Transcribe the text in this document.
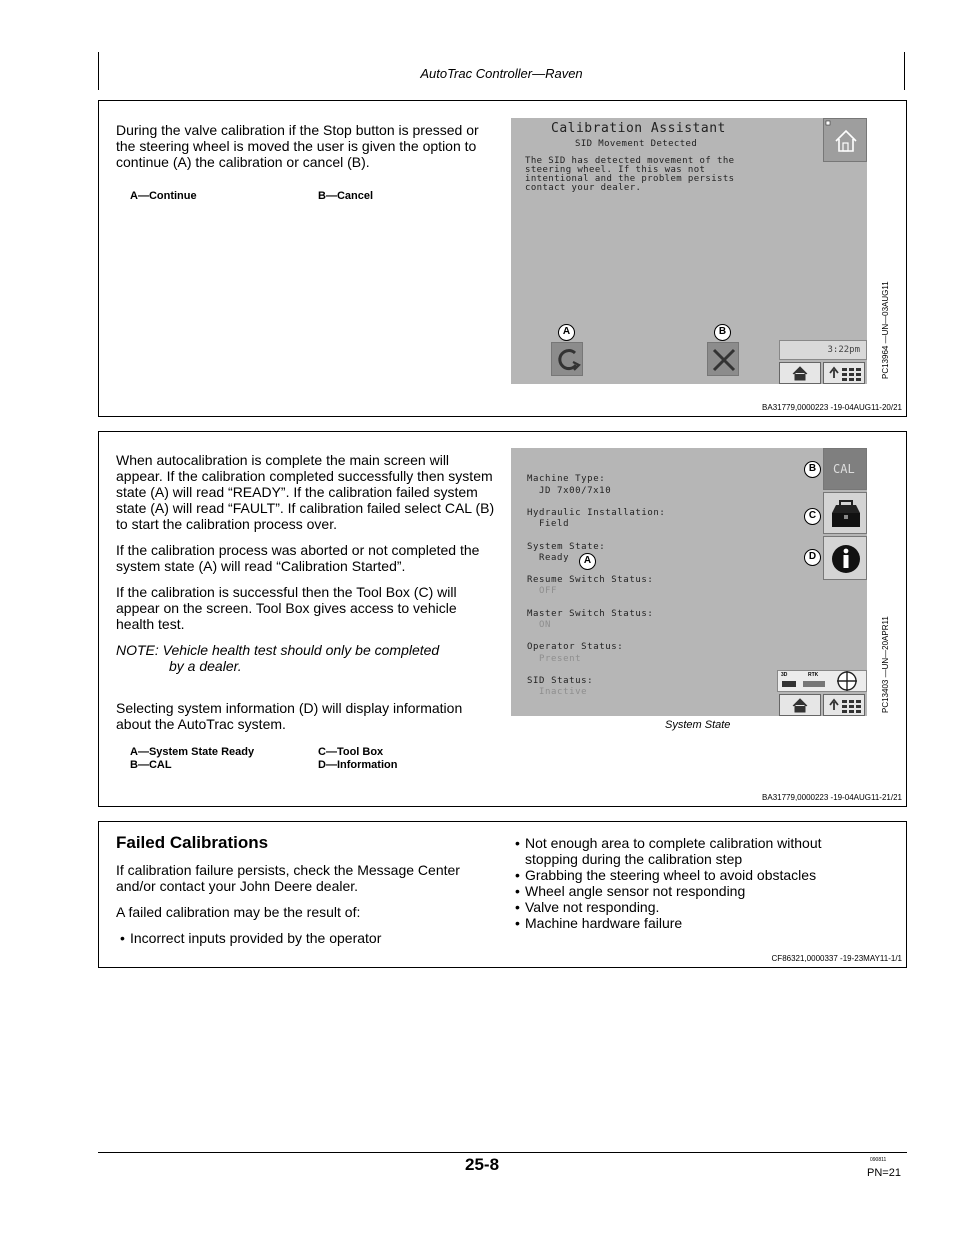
AutoTrac Controller—Raven
During the valve calibration if the Stop button is pressed or the steering wheel is moved the user is given the option to continue (A) the calibration or cancel (B).
A—Continue	B—Cancel
Calibration Assistant
SID Movement Detected
The SID has detected movement of the
steering wheel. If this was not
intentional and the problem persists
contact your dealer.
A	B
3:22pm	PC13964 —UN—03AUG11
BA31779,0000223 -19-04AUG11-20/21

When autocalibration is complete the main screen will appear. If the calibration completed successfully then system state (A) will read “READY”. If the calibration failed system state (A) will read “FAULT”. If calibration failed select CAL (B) to start the calibration process over.

If the calibration process was aborted or not completed the system state (A) will read “Calibration Started”.

If the calibration is successful then the Tool Box (C) will appear on the screen. Tool Box gives access to vehicle health test.

NOTE: Vehicle health test should only be completed
by a dealer.

Selecting system information (D) will display information about the AutoTrac system.

A—System State Ready
B—CAL
C—Tool Box
D—Information
Machine Type:
JD 7x00/7x10
Hydraulic Installation:
Field
System State:
Ready
Resume Switch Status:
OFF
Master Switch Status:
ON
Operator Status:
Present
SID Status:
Inactive
A
CAL
B
C
D
3D	RTK
System State
PC13403 —UN—20APR11
BA31779,0000223 -19-04AUG11-21/21
Failed Calibrations

If calibration failure persists, check the Message Center and/or contact your John Deere dealer.

A failed calibration may be the result of:

• Incorrect inputs provided by the operator
• Not enough area to complete calibration without stopping during the calibration step
• Grabbing the steering wheel to avoid obstacles
• Wheel angle sensor not responding
• Valve not responding.
• Machine hardware failure
CF86321,0000337 -19-23MAY11-1/1
25-8	090811
PN=21
